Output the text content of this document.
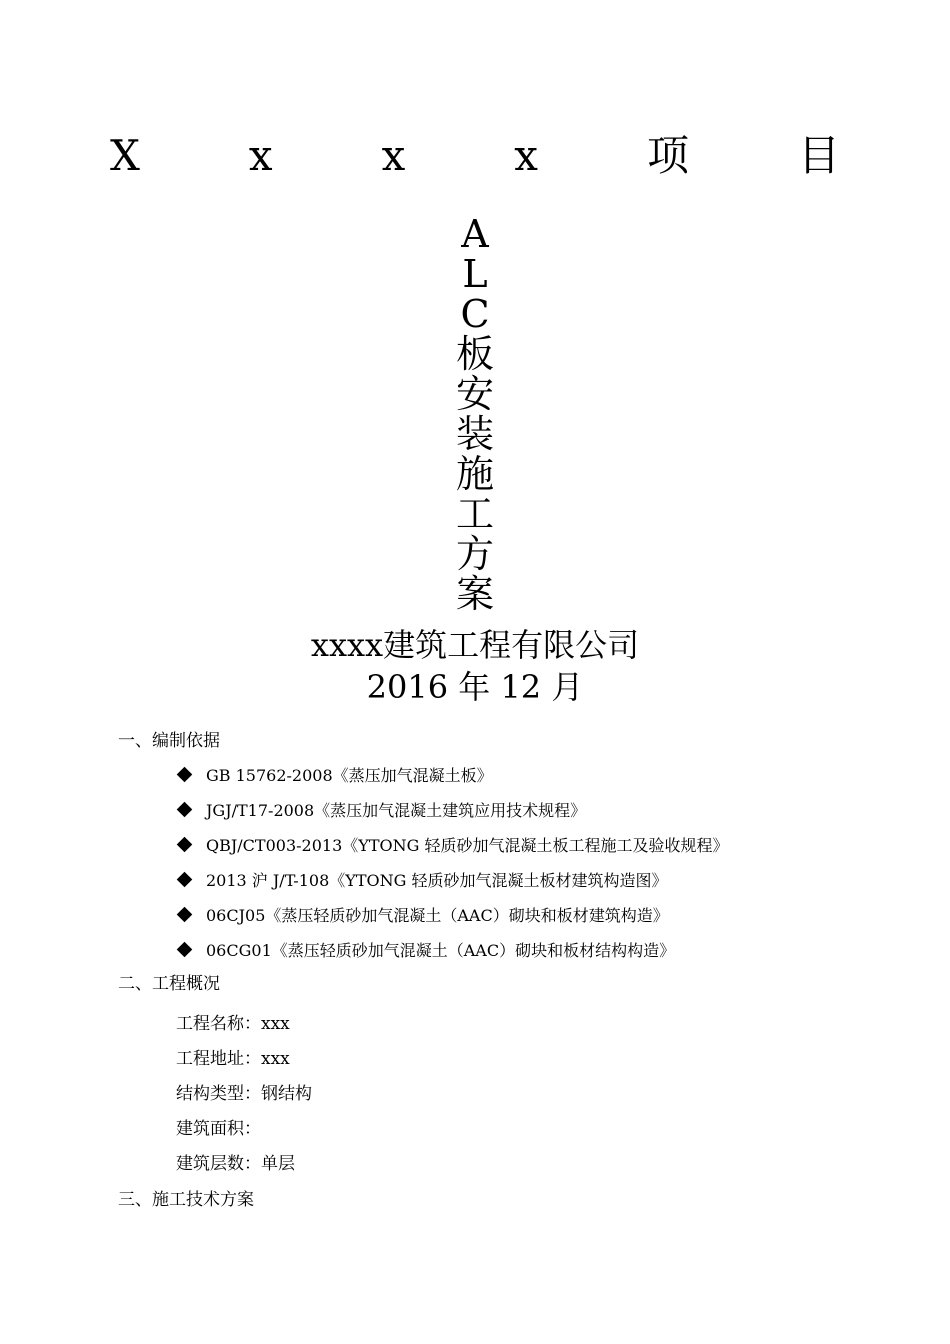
X	x	x	x	项	目
A
L
C
板
安
装
施
工
方
案
xxxx建筑工程有限公司
2016 年 12 月
一、编制依据
GB 15762-2008《蒸压加气混凝土板》
JGJ/T17-2008《蒸压加气混凝土建筑应用技术规程》
QBJ/CT003-2013《YTONG 轻质砂加气混凝土板工程施工及验收规程》
2013 沪 J/T-108《YTONG 轻质砂加气混凝土板材建筑构造图》
06CJ05《蒸压轻质砂加气混凝土（AAC）砌块和板材建筑构造》
06CG01《蒸压轻质砂加气混凝土（AAC）砌块和板材结构构造》
二、工程概况
工程名称：xxx
工程地址：xxx
结构类型：钢结构
建筑面积：
建筑层数：单层
三、施工技术方案
